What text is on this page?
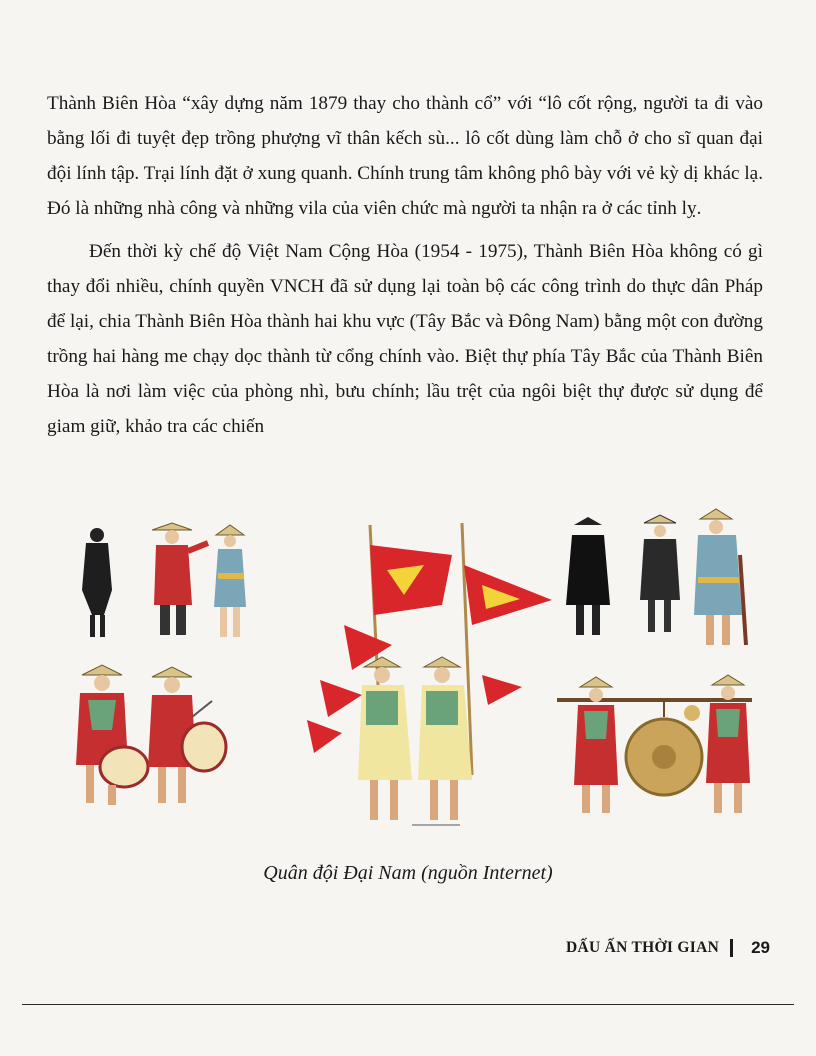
Thành Biên Hòa “xây dựng năm 1879 thay cho thành cổ” với “lô cốt rộng, người ta đi vào bằng lối đi tuyệt đẹp trồng phượng vĩ thân kếch sù... lô cốt dùng làm chỗ ở cho sĩ quan đại đội lính tập. Trại lính đặt ở xung quanh. Chính trung tâm không phô bày với vẻ kỳ dị khác lạ. Đó là những nhà công và những vila của viên chức mà người ta nhận ra ở các tỉnh lỵ.

Đến thời kỳ chế độ Việt Nam Cộng Hòa (1954 - 1975), Thành Biên Hòa không có gì thay đổi nhiều, chính quyền VNCH đã sử dụng lại toàn bộ các công trình do thực dân Pháp để lại, chia Thành Biên Hòa thành hai khu vực (Tây Bắc và Đông Nam) bằng một con đường trồng hai hàng me chạy dọc thành từ cổng chính vào. Biệt thự phía Tây Bắc của Thành Biên Hòa là nơi làm việc của phòng nhì, bưu chính; lầu trệt của ngôi biệt thự được sử dụng để giam giữ, khảo tra các chiến

Quân đội Đại Nam (nguồn Internet)
DẤU ẤN THỜI GIAN 29
